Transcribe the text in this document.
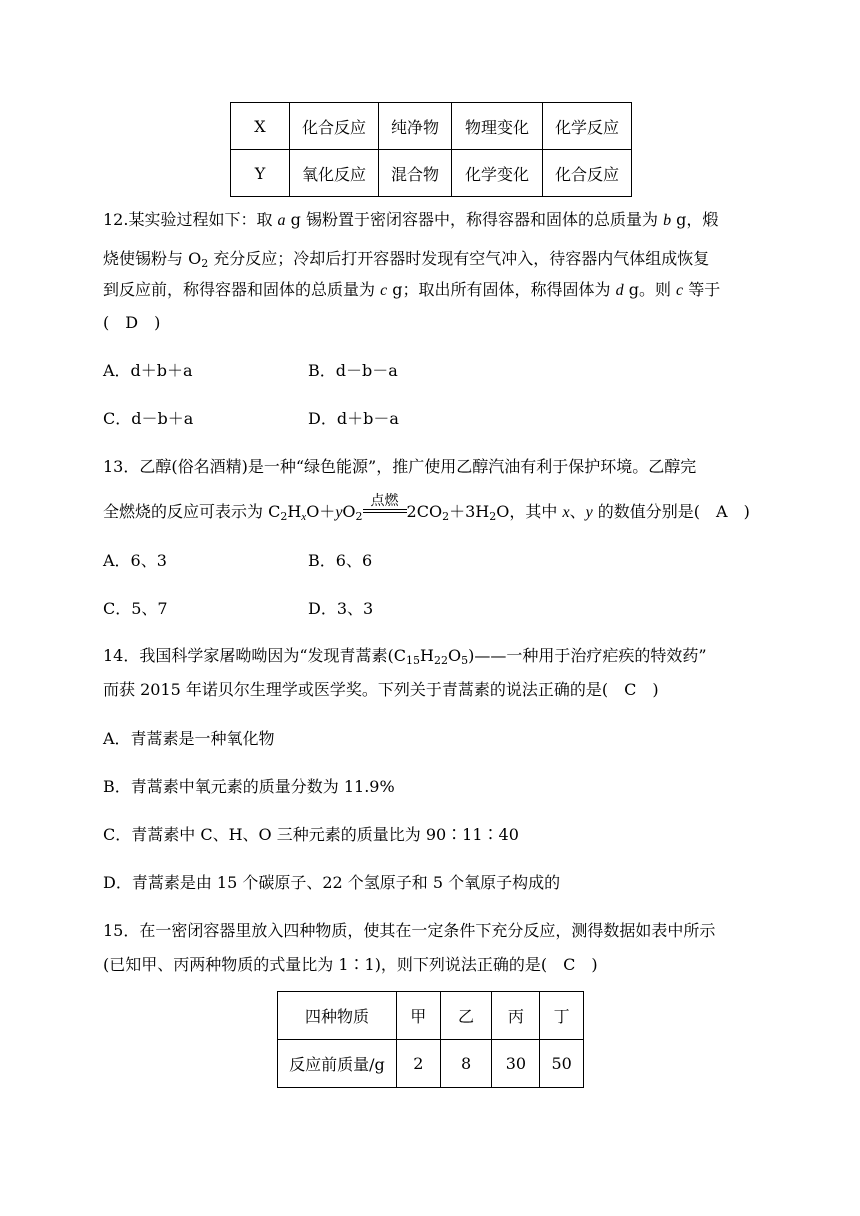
X	化合反应	纯净物	物理变化	化学反应
Y	氧化反应	混合物	化学变化	化合反应
12.某实验过程如下：取 a g 锡粉置于密闭容器中，称得容器和固体的总质量为 b g，煅
烧使锡粉与 $O_2$ 充分反应；冷却后打开容器时发现有空气冲入，待容器内气体组成恢复
到反应前，称得容器和固体的总质量为 c g；取出所有固体，称得固体为 d g。则 c 等于
(　D　)
A．d＋b＋a	B．d－b－a
C．d－b＋a	D．d＋b－a
13．乙醇(俗名酒精)是一种“绿色能源”，推广使用乙醇汽油有利于保护环境。乙醇完
全燃烧的反应可表示为 $C_2H_xO+yO_2$
点燃
$2CO_2+3H_2O$，其中 x、y 的数值分别是(　A　)
A．6、3	B．6、6
C．5、7	D．3、3
14．我国科学家屠呦呦因为“发现青蒿素$(C_{15}H_{22}O_5)——$一种用于治疗疟疾的特效药”
而获 2015 年诺贝尔生理学或医学奖。下列关于青蒿素的说法正确的是(　C　)
A．青蒿素是一种氧化物
B．青蒿素中氧元素的质量分数为 11.9%
C．青蒿素中 C、H、O 三种元素的质量比为 90∶11∶40
D．青蒿素是由 15 个碳原子、22 个氢原子和 5 个氧原子构成的
15．在一密闭容器里放入四种物质，使其在一定条件下充分反应，测得数据如表中所示
(已知甲、丙两种物质的式量比为 1∶1)，则下列说法正确的是(　C　)
四种物质	甲	乙	丙	丁
反应前质量/g	2	8	30	50
